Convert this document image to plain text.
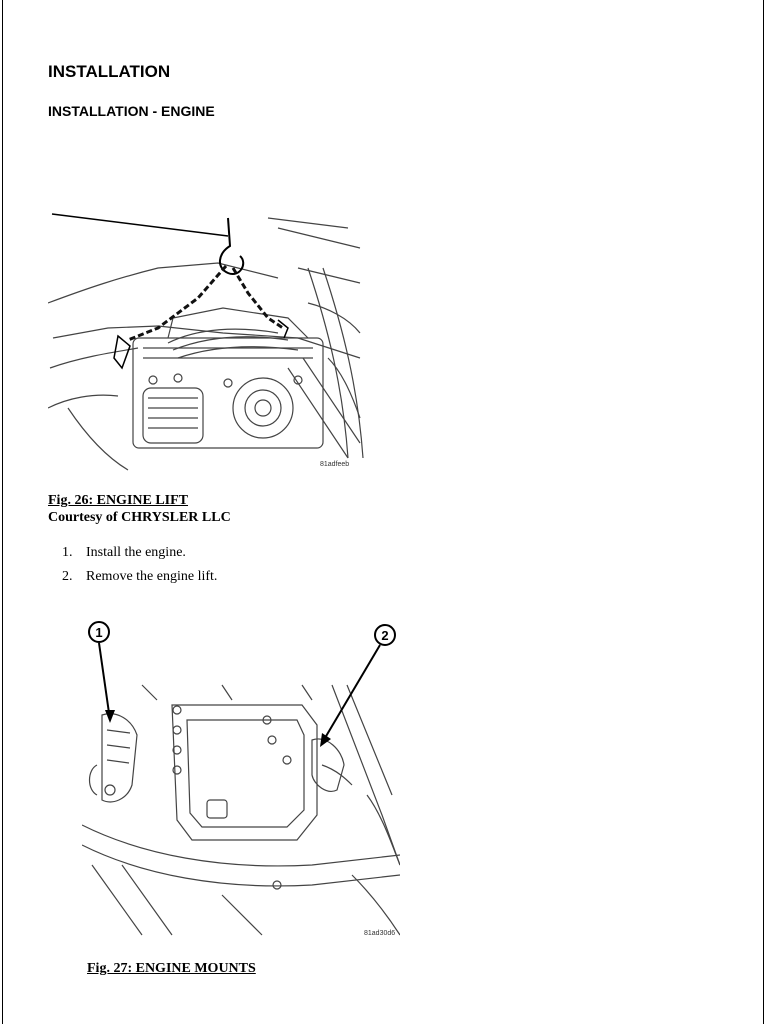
INSTALLATION
INSTALLATION - ENGINE
81adfeeb
Fig. 26: ENGINE LIFT
Courtesy of CHRYSLER LLC
1. Install the engine.
2. Remove the engine lift.
1	2
81ad30d6
Fig. 27: ENGINE MOUNTS
